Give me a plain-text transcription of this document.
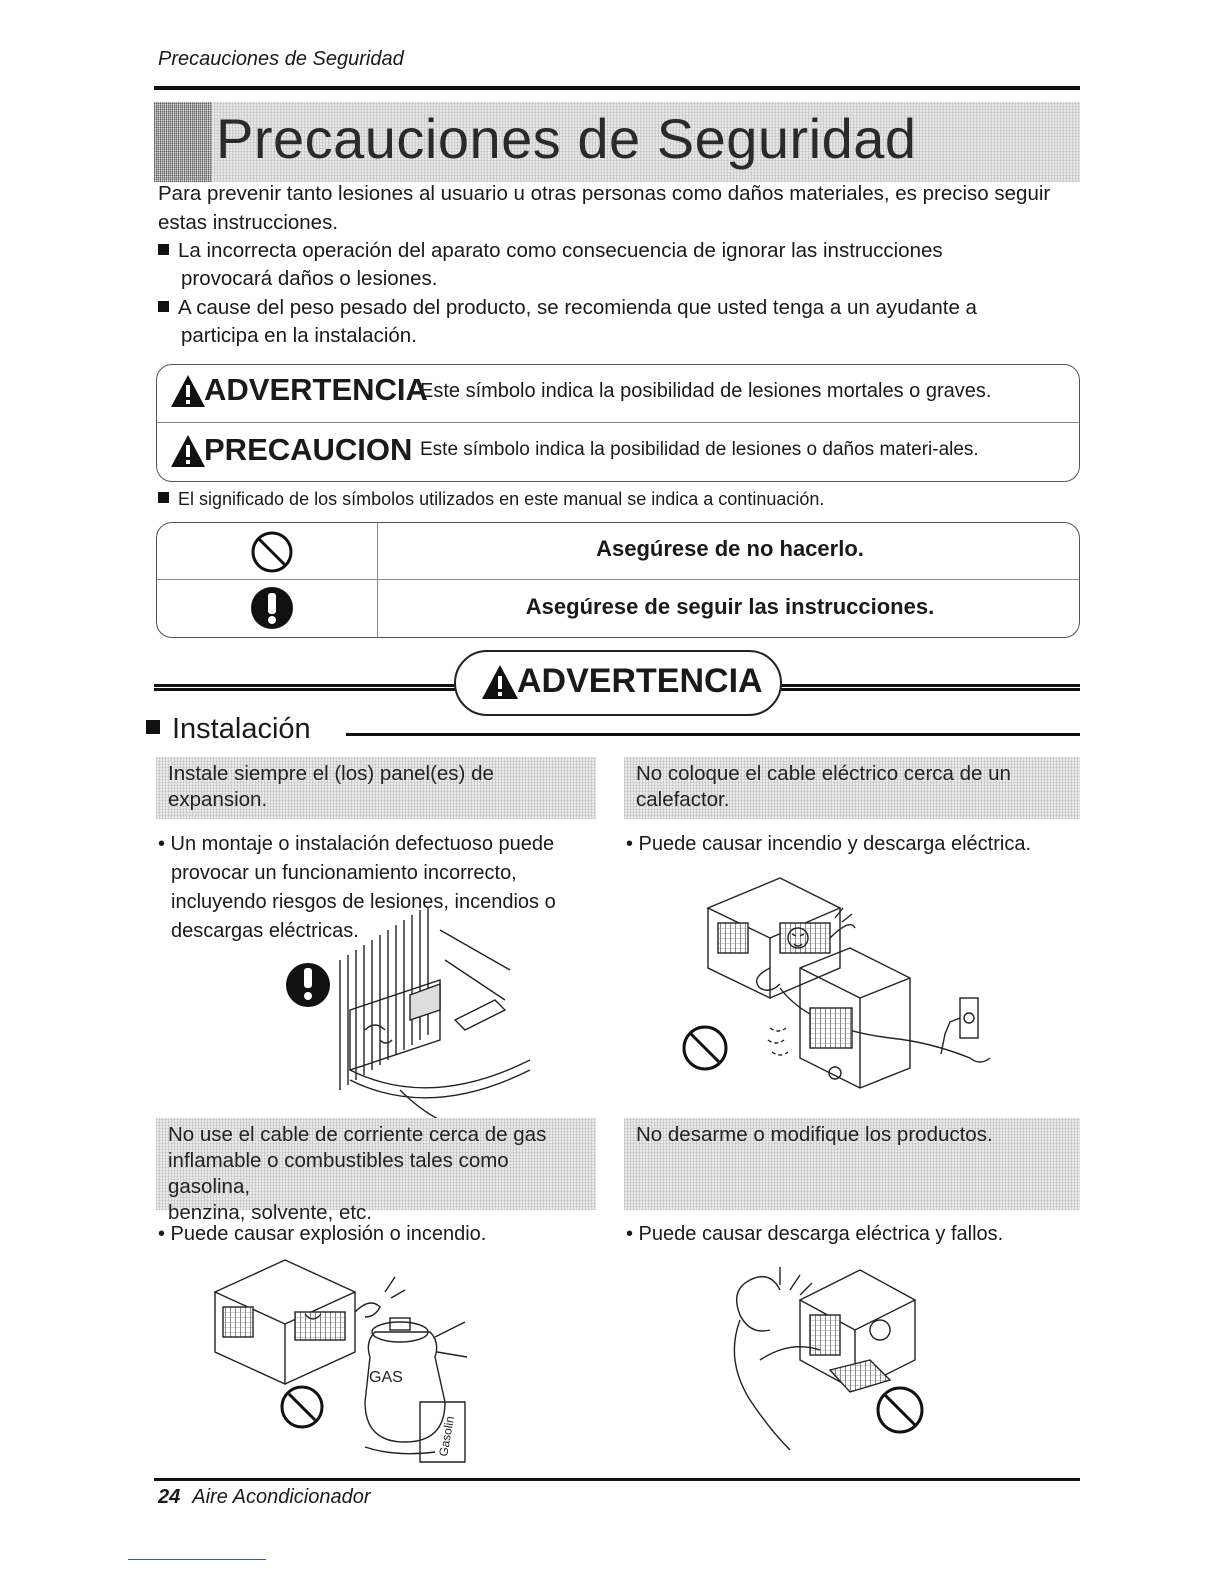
Precauciones de Seguridad
Precauciones de Seguridad
Para prevenir tanto lesiones al usuario u otras personas como daños materiales, es preciso seguir estas instrucciones.
La incorrecta operación del aparato como consecuencia de ignorar las instrucciones
provocará daños o lesiones.
A cause del peso pesado del producto, se recomienda que usted tenga a un ayudante a
participa en la instalación.
ADVERTENCIA
Este símbolo indica la posibilidad de lesiones mortales o graves.
PRECAUCION Este símbolo indica la posibilidad de lesiones o daños materi-ales.
El significado de los símbolos utilizados en este manual se indica a continuación.
Asegúrese de no hacerlo.
Asegúrese de seguir las instrucciones.
ADVERTENCIA
Instalación
Instale siempre el (los) panel(es) de
expansion.
• Un montaje o instalación defectuoso puede
provocar un funcionamiento incorrecto,
incluyendo riesgos de lesiones, incendios o
descargas eléctricas.
No coloque el cable eléctrico cerca de un
calefactor.
• Puede causar incendio y descarga eléctrica.
No use el cable de corriente cerca de gas
inflamable o combustibles tales como gasolina,
benzina, solvente, etc.
• Puede causar explosión o incendio.
GAS
Gasolin
No desarme o modifique los productos.
• Puede causar descarga eléctrica y fallos.
24 Aire Acondicionador
